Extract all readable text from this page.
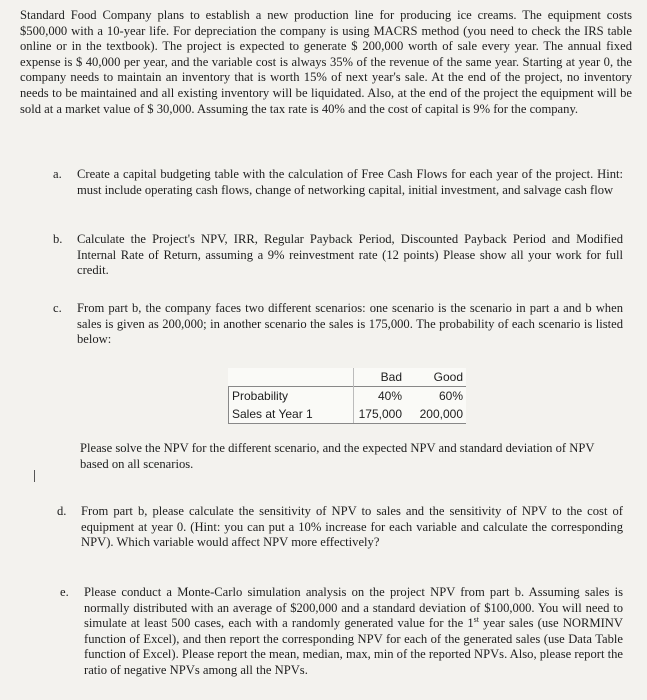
Standard Food Company plans to establish a new production line for producing ice creams. The equipment costs $500,000 with a 10-year life. For depreciation the company is using MACRS method (you need to check the IRS table online or in the textbook). The project is expected to generate $ 200,000 worth of sale every year. The annual fixed expense is $ 40,000 per year, and the variable cost is always 35% of the revenue of the same year. Starting at year 0, the company needs to maintain an inventory that is worth 15% of next year's sale. At the end of the project, no inventory needs to be maintained and all existing inventory will be liquidated. Also, at the end of the project the equipment will be sold at a market value of $ 30,000. Assuming the tax rate is 40% and the cost of capital is 9% for the company.
a.	Create a capital budgeting table with the calculation of Free Cash Flows for each year of the project. Hint: must include operating cash flows, change of networking capital, initial investment, and salvage cash flow
b.	Calculate the Project's NPV, IRR, Regular Payback Period, Discounted Payback Period and Modified Internal Rate of Return, assuming a 9% reinvestment rate (12 points) Please show all your work for full credit.
c.	From part b, the company faces two different scenarios: one scenario is the scenario in part a and b when sales is given as 200,000; in another scenario the sales is 175,000. The probability of each scenario is listed below:
	Bad	Good
Probability	40%	60%
Sales at Year 1	175,000	200,000
Please solve the NPV for the different scenario, and the expected NPV and standard deviation of NPV based on all scenarios.
d.	From part b, please calculate the sensitivity of NPV to sales and the sensitivity of NPV to the cost of equipment at year 0. (Hint: you can put a 10% increase for each variable and calculate the corresponding NPV). Which variable would affect NPV more effectively?
e.	Please conduct a Monte-Carlo simulation analysis on the project NPV from part b. Assuming sales is normally distributed with an average of $200,000 and a standard deviation of $100,000. You will need to simulate at least 500 cases, each with a randomly generated value for the 1st year sales (use NORMINV function of Excel), and then report the corresponding NPV for each of the generated sales (use Data Table function of Excel). Please report the mean, median, max, min of the reported NPVs. Also, please report the ratio of negative NPVs among all the NPVs.
